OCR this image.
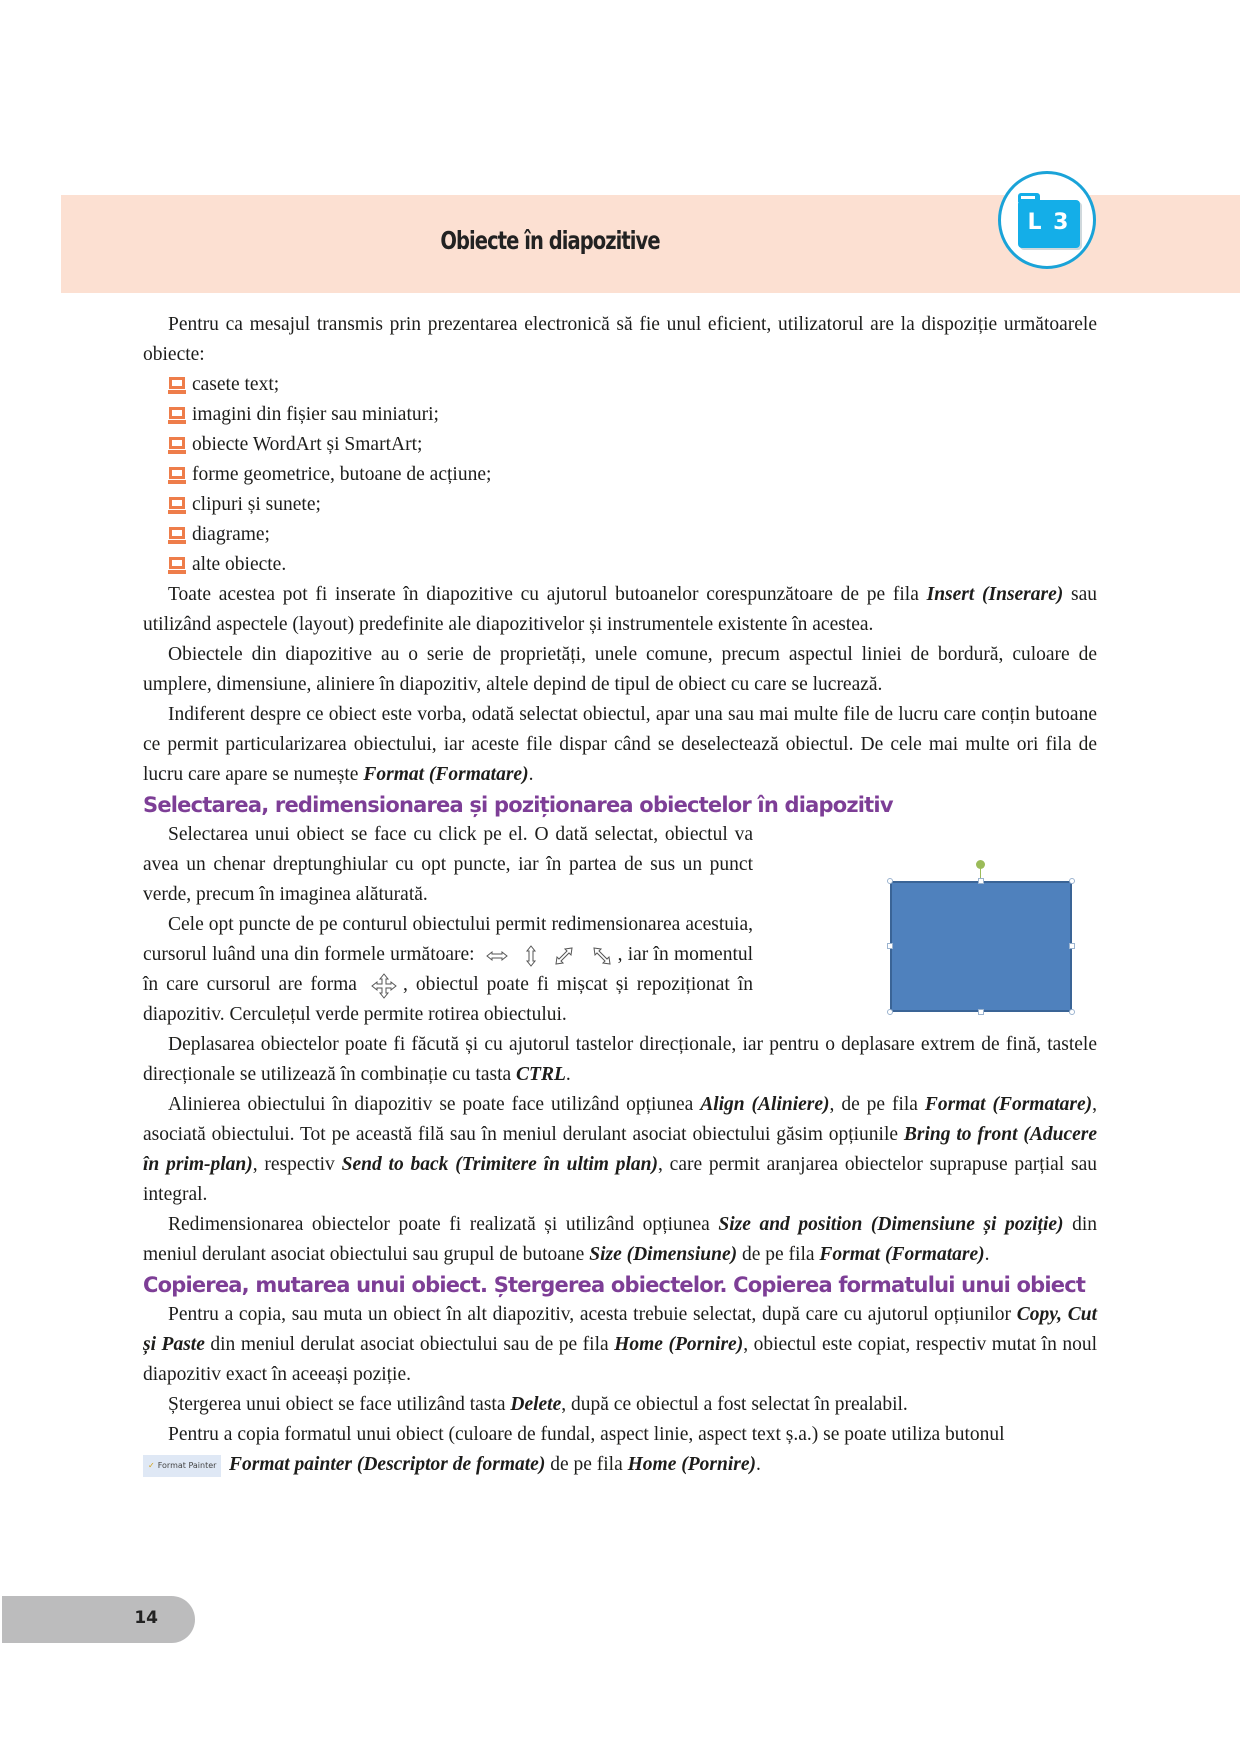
Obiecte în diapozitive
L 3

Pentru ca mesajul transmis prin prezentarea electronică să fie unul eficient, utilizatorul are la dispoziție următoarele obiecte:

casete text;
imagini din fișier sau miniaturi;
obiecte WordArt și SmartArt;
forme geometrice, butoane de acțiune;
clipuri și sunete;
diagrame;
alte obiecte.

Toate acestea pot fi inserate în diapozitive cu ajutorul butoanelor corespunzătoare de pe fila Insert (Inserare) sau utilizând aspectele (layout) predefinite ale diapozitivelor și instrumentele existente în acestea.

Obiectele din diapozitive au o serie de proprietăți, unele comune, precum aspectul liniei de bordură, culoare de umplere, dimensiune, aliniere în diapozitiv, altele depind de tipul de obiect cu care se lucrează.

Indiferent despre ce obiect este vorba, odată selectat obiectul, apar una sau mai multe file de lucru care conțin butoane ce permit particularizarea obiectului, iar aceste file dispar când se deselectează obiectul. De cele mai multe ori fila de lucru care apare se numește Format (Formatare).

Selectarea, redimensionarea și poziționarea obiectelor în diapozitiv

Selectarea unui obiect se face cu click pe el. O dată selectat, obiectul va avea un chenar dreptunghiular cu opt puncte, iar în partea de sus un punct verde, precum în imaginea alăturată.

Cele opt puncte de pe conturul obiectului permit redimensionarea acestuia, cursorul luând una din formele următoare:	, iar în momentul în care cursorul are forma , obiectul poate fi mișcat și repoziționat în diapozitiv. Cerculețul verde permite rotirea obiectului.

Deplasarea obiectelor poate fi făcută și cu ajutorul tastelor direcționale, iar pentru o deplasare extrem de fină, tastele direcționale se utilizează în combinație cu tasta CTRL.

Alinierea obiectului în diapozitiv se poate face utilizând opțiunea Align (Aliniere), de pe fila Format (Formatare), asociată obiectului. Tot pe această filă sau în meniul derulant asociat obiectului găsim opțiunile Bring to front (Aducere în prim-plan), respectiv Send to back (Trimitere în ultim plan), care permit aranjarea obiectelor suprapuse parțial sau integral.

Redimensionarea obiectelor poate fi realizată și utilizând opțiunea Size and position (Dimensiune și poziție) din meniul derulant asociat obiectului sau grupul de butoane Size (Dimensiune) de pe fila Format (Formatare).

Copierea, mutarea unui obiect. Ștergerea obiectelor. Copierea formatului unui obiect

Pentru a copia, sau muta un obiect în alt diapozitiv, acesta trebuie selectat, după care cu ajutorul opțiunilor Copy, Cut și Paste din meniul derulat asociat obiectului sau de pe fila Home (Pornire), obiectul este copiat, respectiv mutat în noul diapozitiv exact în aceeași poziție.

Ștergerea unui obiect se face utilizând tasta Delete, după ce obiectul a fost selectat în prealabil.

Pentru a copia formatul unui obiect (culoare de fundal, aspect linie, aspect text ș.a.) se poate utiliza butonul

✓ Format Painter Format painter (Descriptor de formate) de pe fila Home (Pornire).

14
